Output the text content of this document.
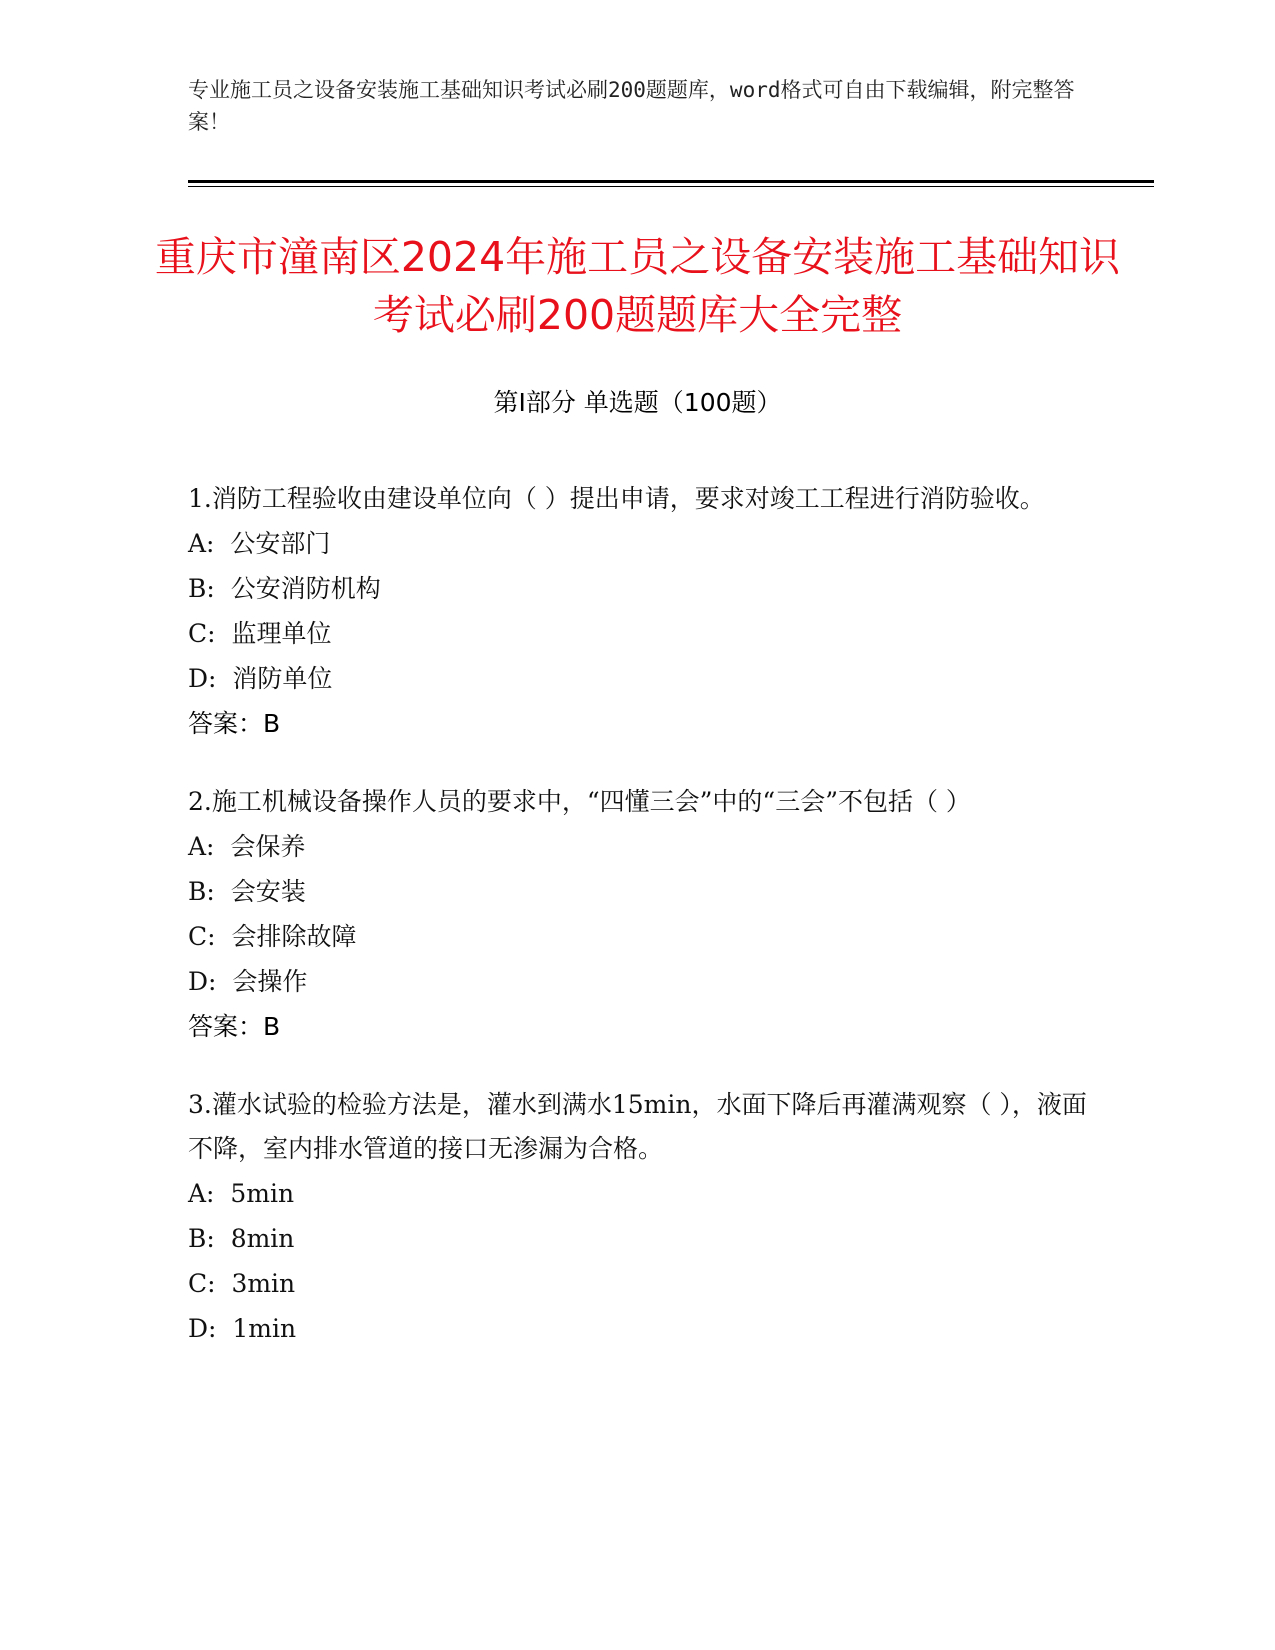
专业施工员之设备安装施工基础知识考试必刷200题题库，word格式可自由下载编辑，附完整答案！
重庆市潼南区2024年施工员之设备安装施工基础知识考试必刷200题题库大全完整
第Ⅰ部分 单选题（100题）

1.消防工程验收由建设单位向（ ）提出申请，要求对竣工工程进行消防验收。

A:  公安部门

B:  公安消防机构

C:  监理单位

D:  消防单位

答案：B

2.施工机械设备操作人员的要求中，“四懂三会”中的“三会”不包括（ ）

A:  会保养

B:  会安装

C:  会排除故障

D:  会操作

答案：B

3.灌水试验的检验方法是，灌水到满水15min，水面下降后再灌满观察（ ），液面不降，室内排水管道的接口无渗漏为合格。

A:  5min

B:  8min

C:  3min

D:  1min
